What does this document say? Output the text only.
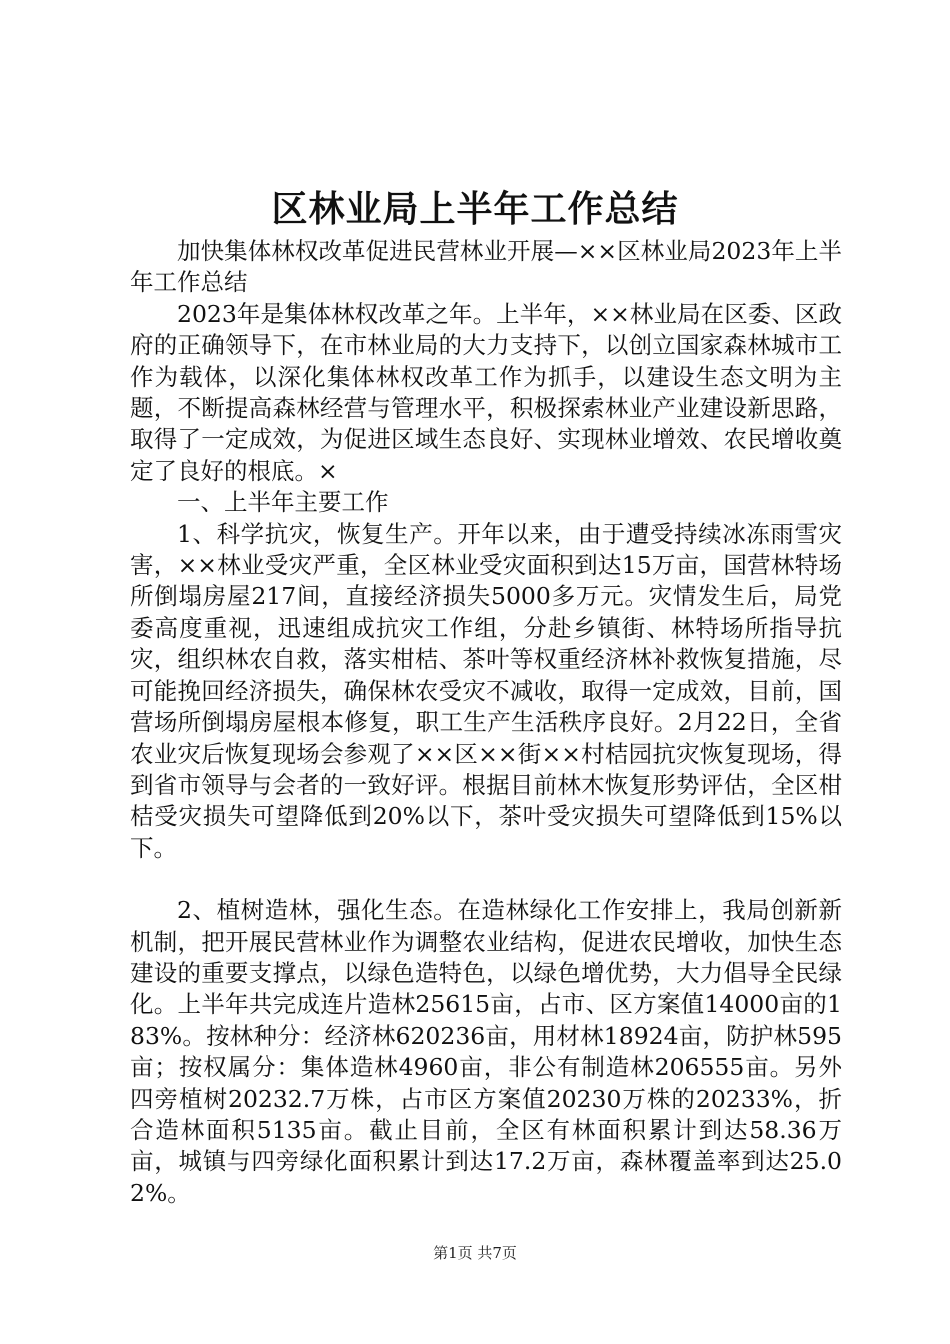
区林业局上半年工作总结

加快集体林权改革促进民营林业开展—××区林业局2023年上半年工作总结

2023年是集体林权改革之年。上半年，××林业局在区委、区政府的正确领导下，在市林业局的大力支持下，以创立国家森林城市工作为载体，以深化集体林权改革工作为抓手，以建设生态文明为主题，不断提高森林经营与管理水平，积极探索林业产业建设新思路，取得了一定成效，为促进区域生态良好、实现林业增效、农民增收奠定了良好的根底。×

一、上半年主要工作

1、科学抗灾，恢复生产。开年以来，由于遭受持续冰冻雨雪灾害，××林业受灾严重，全区林业受灾面积到达15万亩，国营林特场所倒塌房屋217间，直接经济损失5000多万元。灾情发生后，局党委高度重视，迅速组成抗灾工作组，分赴乡镇街、林特场所指导抗灾，组织林农自救，落实柑桔、茶叶等权重经济林补救恢复措施，尽可能挽回经济损失，确保林农受灾不减收，取得一定成效，目前，国营场所倒塌房屋根本修复，职工生产生活秩序良好。2月22日，全省农业灾后恢复现场会参观了××区××街××村桔园抗灾恢复现场，得到省市领导与会者的一致好评。根据目前林木恢复形势评估，全区柑桔受灾损失可望降低到20%以下，茶叶受灾损失可望降低到15%以下。

2、植树造林，强化生态。在造林绿化工作安排上，我局创新新机制，把开展民营林业作为调整农业结构，促进农民增收，加快生态建设的重要支撑点，以绿色造特色，以绿色增优势，大力倡导全民绿化。上半年共完成连片造林25615亩，占市、区方案值14000亩的183%。按林种分：经济林620236亩，用材林18924亩，防护林595亩；按权属分：集体造林4960亩，非公有制造林206555亩。另外四旁植树20232.7万株，占市区方案值20230万株的20233%，折合造林面积5135亩。截止目前，全区有林面积累计到达58.36万亩，城镇与四旁绿化面积累计到达17.2万亩，森林覆盖率到达25.02%。

第1页 共7页
